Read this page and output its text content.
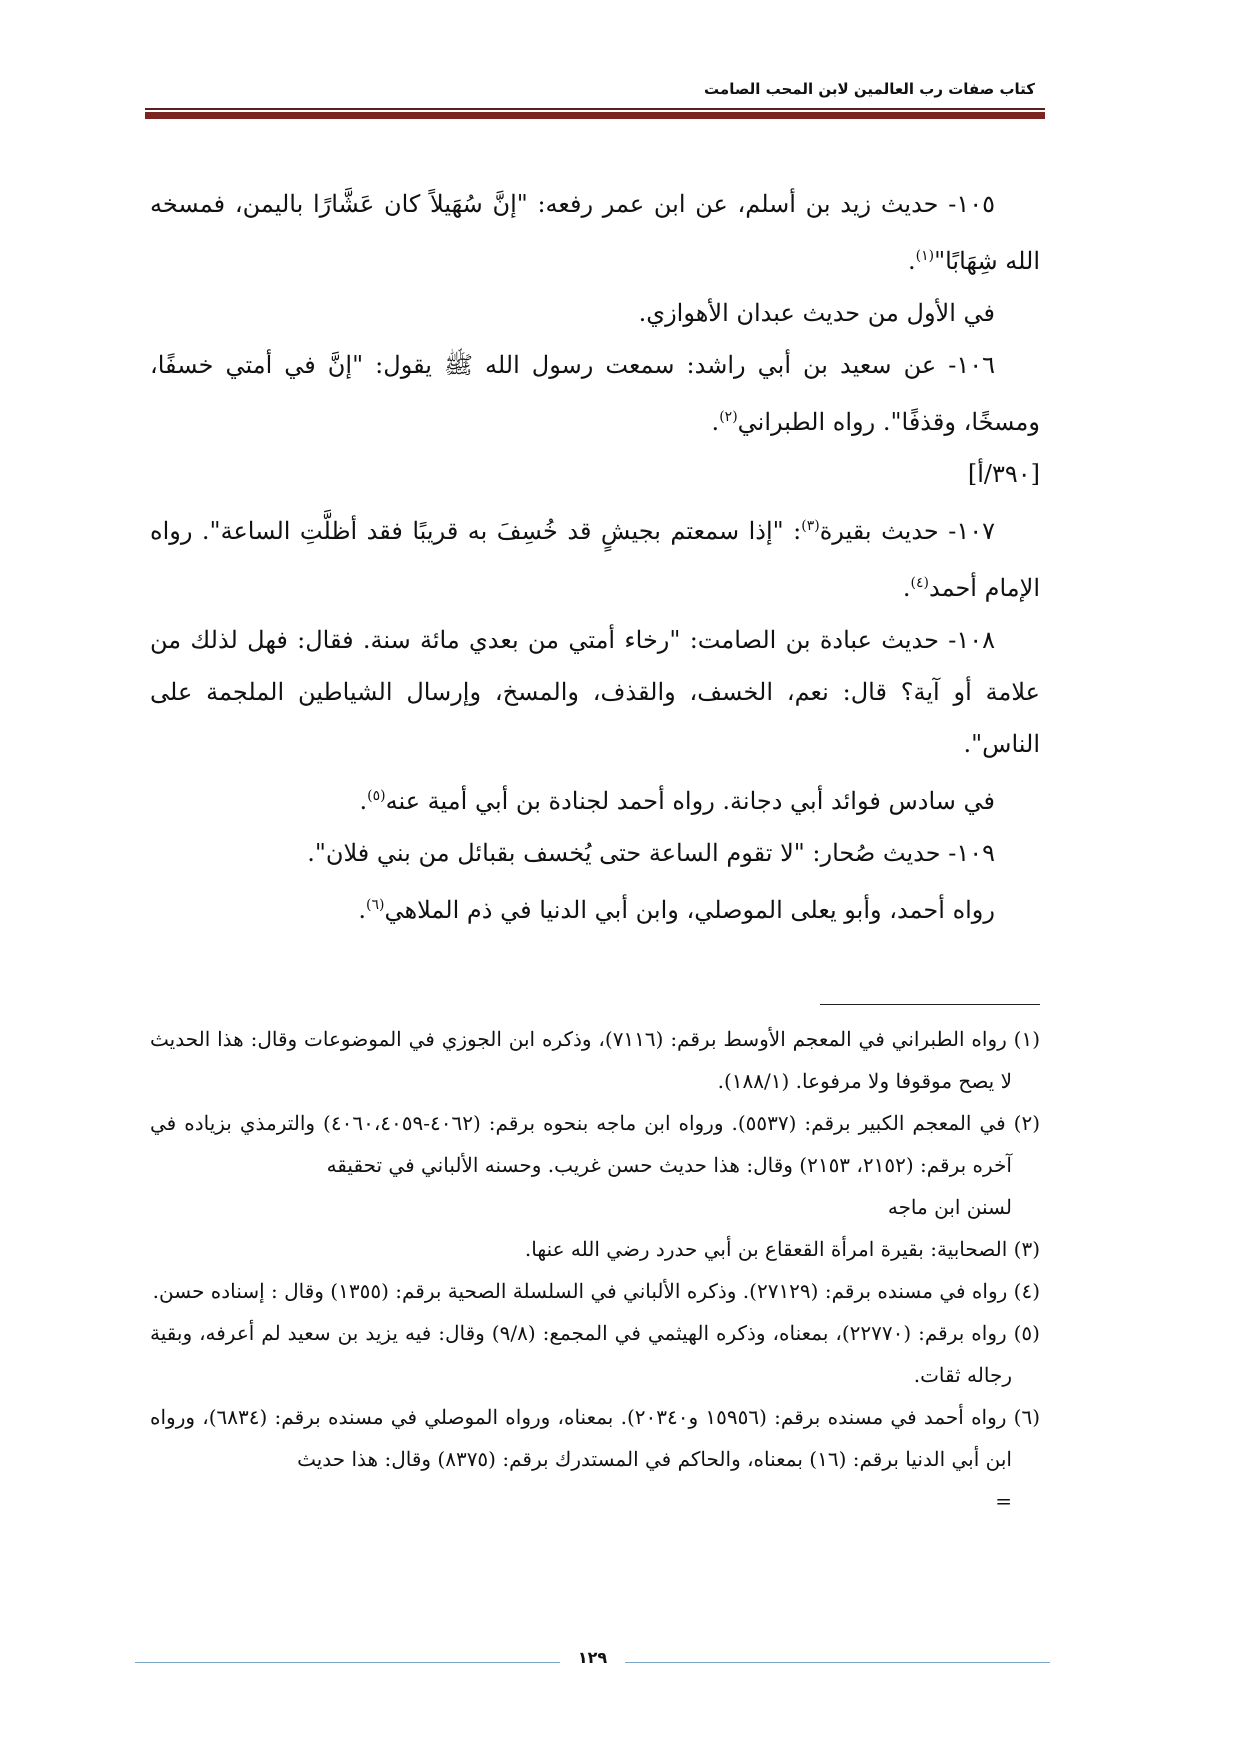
كتاب صفات رب العالمين لابن المحب الصامت

١٠٥- حديث زيد بن أسلم، عن ابن عمر رفعه: "إنَّ سُهَيلاً كان عَشَّارًا باليمن، فمسخه الله شِهَابًا"$^{(١)}$.

في الأول من حديث عبدان الأهوازي.

١٠٦- عن سعيد بن أبي راشد: سمعت رسول الله ﷺ يقول: "إنَّ في أمتي خسفًا، ومسخًا، وقذفًا". رواه الطبراني$^{(٢)}$.

[٣٩٠/أ]

١٠٧- حديث بقيرة$^{(٣)}$: "إذا سمعتم بجيشٍ قد خُسِفَ به قريبًا فقد أظلَّتِ الساعة". رواه الإمام أحمد$^{(٤)}$.

١٠٨- حديث عبادة بن الصامت: "رخاء أمتي من بعدي مائة سنة. فقال: فهل لذلك من علامة أو آية؟ قال: نعم، الخسف، والقذف، والمسخ، وإرسال الشياطين الملجمة على الناس".

في سادس فوائد أبي دجانة. رواه أحمد لجنادة بن أبي أمية عنه$^{(٥)}$.

١٠٩- حديث صُحار: "لا تقوم الساعة حتى يُخسف بقبائل من بني فلان".

رواه أحمد، وأبو يعلى الموصلي، وابن أبي الدنيا في ذم الملاهي$^{(٦)}$.

(١) رواه الطبراني في المعجم الأوسط برقم: (٧١١٦)، وذكره ابن الجوزي في الموضوعات وقال: هذا الحديث لا يصح موقوفا ولا مرفوعا. (١٨٨/١).

(٢) في المعجم الكبير برقم: (٥٥٣٧). ورواه ابن ماجه بنحوه برقم: (٤٠٦٢-٤٠٦٠،٤٠٥٩) والترمذي بزياده في آخره برقم: (٢١٥٢، ٢١٥٣) وقال: هذا حديث حسن غريب. وحسنه الألباني في تحقيقه

لسنن ابن ماجه

(٣) الصحابية: بقيرة امرأة القعقاع بن أبي حدرد رضي الله عنها.

(٤) رواه في مسنده برقم: (٢٧١٢٩). وذكره الألباني في السلسلة الصحية برقم: (١٣٥٥) وقال : إسناده حسن.

(٥) رواه برقم: (٢٢٧٧٠)، بمعناه، وذكره الهيثمي في المجمع: (٩/٨) وقال: فيه يزيد بن سعيد لم أعرفه، وبقية رجاله ثقات.

(٦) رواه أحمد في مسنده برقم: (١٥٩٥٦ و٢٠٣٤٠). بمعناه، ورواه الموصلي في مسنده برقم: (٦٨٣٤)، ورواه ابن أبي الدنيا برقم: (١٦) بمعناه، والحاكم في المستدرك برقم: (٨٣٧٥) وقال: هذا حديث

=

١٢٩
